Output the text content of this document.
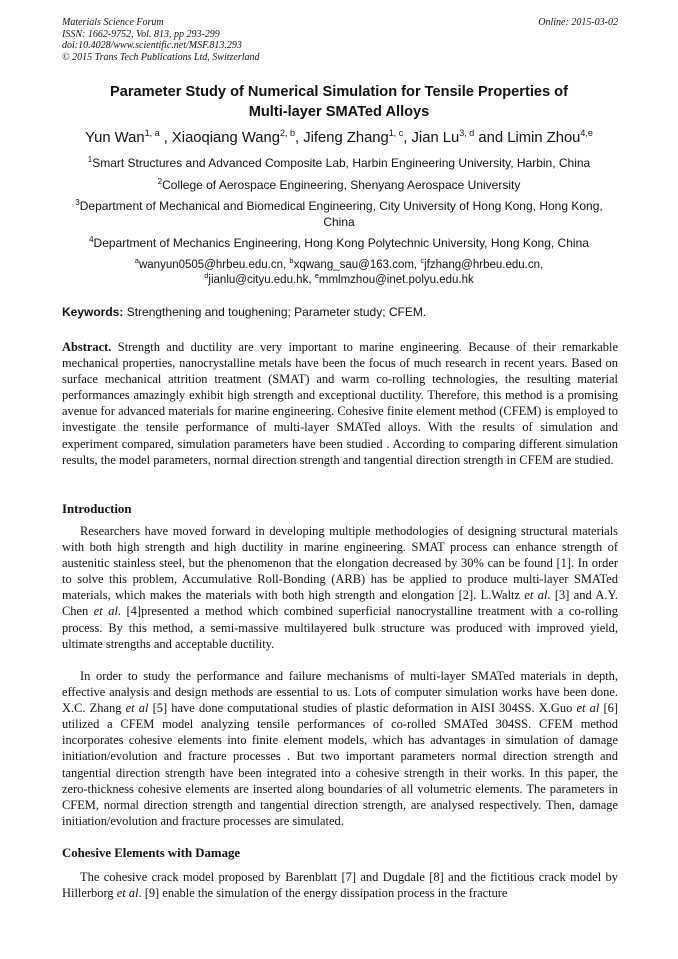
Materials Science Forum
ISSN: 1662-9752, Vol. 813, pp 293-299
doi:10.4028/www.scientific.net/MSF.813.293
© 2015 Trans Tech Publications Ltd, Switzerland
Online: 2015-03-02
Parameter Study of Numerical Simulation for Tensile Properties of
Multi-layer SMATed Alloys
Yun Wan$^{1, a}$ , Xiaoqiang Wang$^{2, b}$, Jifeng Zhang$^{1, c}$, Jian Lu$^{3, d}$ and Limin Zhou$^{4,e}$
$^1$Smart Structures and Advanced Composite Lab, Harbin Engineering University, Harbin, China
$^2$College of Aerospace Engineering, Shenyang Aerospace University
$^3$Department of Mechanical and Biomedical Engineering, City University of Hong Kong, Hong Kong, China
$^4$Department of Mechanics Engineering, Hong Kong Polytechnic University, Hong Kong, China
$^a$wanyun0505@hrbeu.edu.cn, $^b$xqwang_sau@163.com, $^c$jfzhang@hrbeu.edu.cn,
$^d$jianlu@cityu.edu.hk, $^e$mmlmzhou@inet.polyu.edu.hk
Keywords: Strengthening and toughening; Parameter study; CFEM.
Abstract. Strength and ductility are very important to marine engineering. Because of their remarkable mechanical properties, nanocrystalline metals have been the focus of much research in recent years. Based on surface mechanical attrition treatment (SMAT) and warm co-rolling technologies, the resulting material performances amazingly exhibit high strength and exceptional ductility. Therefore, this method is a promising avenue for advanced materials for marine engineering. Cohesive finite element method (CFEM) is employed to investigate the tensile performance of multi-layer SMATed alloys. With the results of simulation and experiment compared, simulation parameters have been studied . According to comparing different simulation results, the model parameters, normal direction strength and tangential direction strength in CFEM are studied.
Introduction
Researchers have moved forward in developing multiple methodologies of designing structural materials with both high strength and high ductility in marine engineering. SMAT process can enhance strength of austenitic stainless steel, but the phenomenon that the elongation decreased by 30% can be found [1]. In order to solve this problem, Accumulative Roll-Bonding (ARB) has be applied to produce multi-layer SMATed materials, which makes the materials with both high strength and elongation [2]. L.Waltz et al. [3] and A.Y. Chen et al. [4]presented a method which combined superficial nanocrystalline treatment with a co-rolling process. By this method, a semi-massive multilayered bulk structure was produced with improved yield, ultimate strengths and acceptable ductility.
In order to study the performance and failure mechanisms of multi-layer SMATed materials in depth, effective analysis and design methods are essential to us. Lots of computer simulation works have been done. X.C. Zhang et al [5] have done computational studies of plastic deformation in AISI 304SS. X.Guo et al [6] utilized a CFEM model analyzing tensile performances of co-rolled SMATed 304SS. CFEM method incorporates cohesive elements into finite element models, which has advantages in simulation of damage initiation/evolution and fracture processes . But two important parameters normal direction strength and tangential direction strength have been integrated into a cohesive strength in their works. In this paper, the zero-thickness cohesive elements are inserted along boundaries of all volumetric elements. The parameters in CFEM, normal direction strength and tangential direction strength, are analysed respectively. Then, damage initiation/evolution and fracture processes are simulated.
Cohesive Elements with Damage
The cohesive crack model proposed by Barenblatt [7] and Dugdale [8] and the fictitious crack model by Hillerborg et al. [9] enable the simulation of the energy dissipation process in the fracture
